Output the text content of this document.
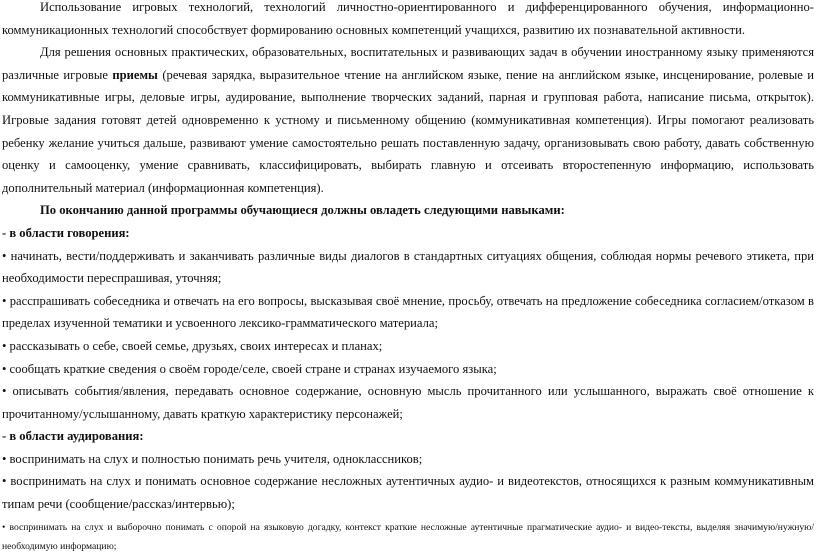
Использование игровых технологий, технологий личностно-ориентированного и дифференцированного обучения, информационно-коммуникационных технологий способствует формированию основных компетенций учащихся, развитию их познавательной активности.

Для решения основных практических, образовательных, воспитательных и развивающих задач в обучении иностранному языку применяются различные игровые приемы (речевая зарядка, выразительное чтение на английском языке, пение на английском языке, инсценирование, ролевые и коммуникативные игры, деловые игры, аудирование, выполнение творческих заданий, парная и групповая работа, написание письма, открыток). Игровые задания готовят детей одновременно к устному и письменному общению (коммуникативная компетенция). Игры помогают реализовать ребенку желание учиться дальше, развивают умение самостоятельно решать поставленную задачу, организовывать свою работу, давать собственную оценку и самооценку, умение сравнивать, классифицировать, выбирать главную и отсеивать второстепенную информацию, использовать дополнительный материал (информационная компетенция).

По окончанию данной программы обучающиеся должны овладеть следующими навыками:

- в области говорения:

• начинать, вести/поддерживать и заканчивать различные виды диалогов в стандартных ситуациях общения, соблюдая нормы речевого этикета, при необходимости переспрашивая, уточняя;

• расспрашивать собеседника и отвечать на его вопросы, высказывая своё мнение, просьбу, отвечать на предложение собеседника согласием/отказом в пределах изученной тематики и усвоенного лексико-грамматического материала;

• рассказывать о себе, своей семье, друзьях, своих интересах и планах;

• сообщать краткие сведения о своём городе/селе, своей стране и странах изучаемого языка;

• описывать события/явления, передавать основное содержание, основную мысль прочитанного или услышанного, выражать своё отношение к прочитанному/услышанному, давать краткую характеристику персонажей;

- в области аудирования:

• воспринимать на слух и полностью понимать речь учителя, одноклассников;

• воспринимать на слух и понимать основное содержание несложных аутентичных аудио- и видеотекстов, относящихся к разным коммуникативным типам речи (сообщение/рассказ/интервью);

• воспринимать на слух и выборочно понимать с опорой на языковую догадку, контекст краткие несложные аутентичные прагматические аудио- и видео-тексты, выделяя значимую/нужную/необходимую информацию;
